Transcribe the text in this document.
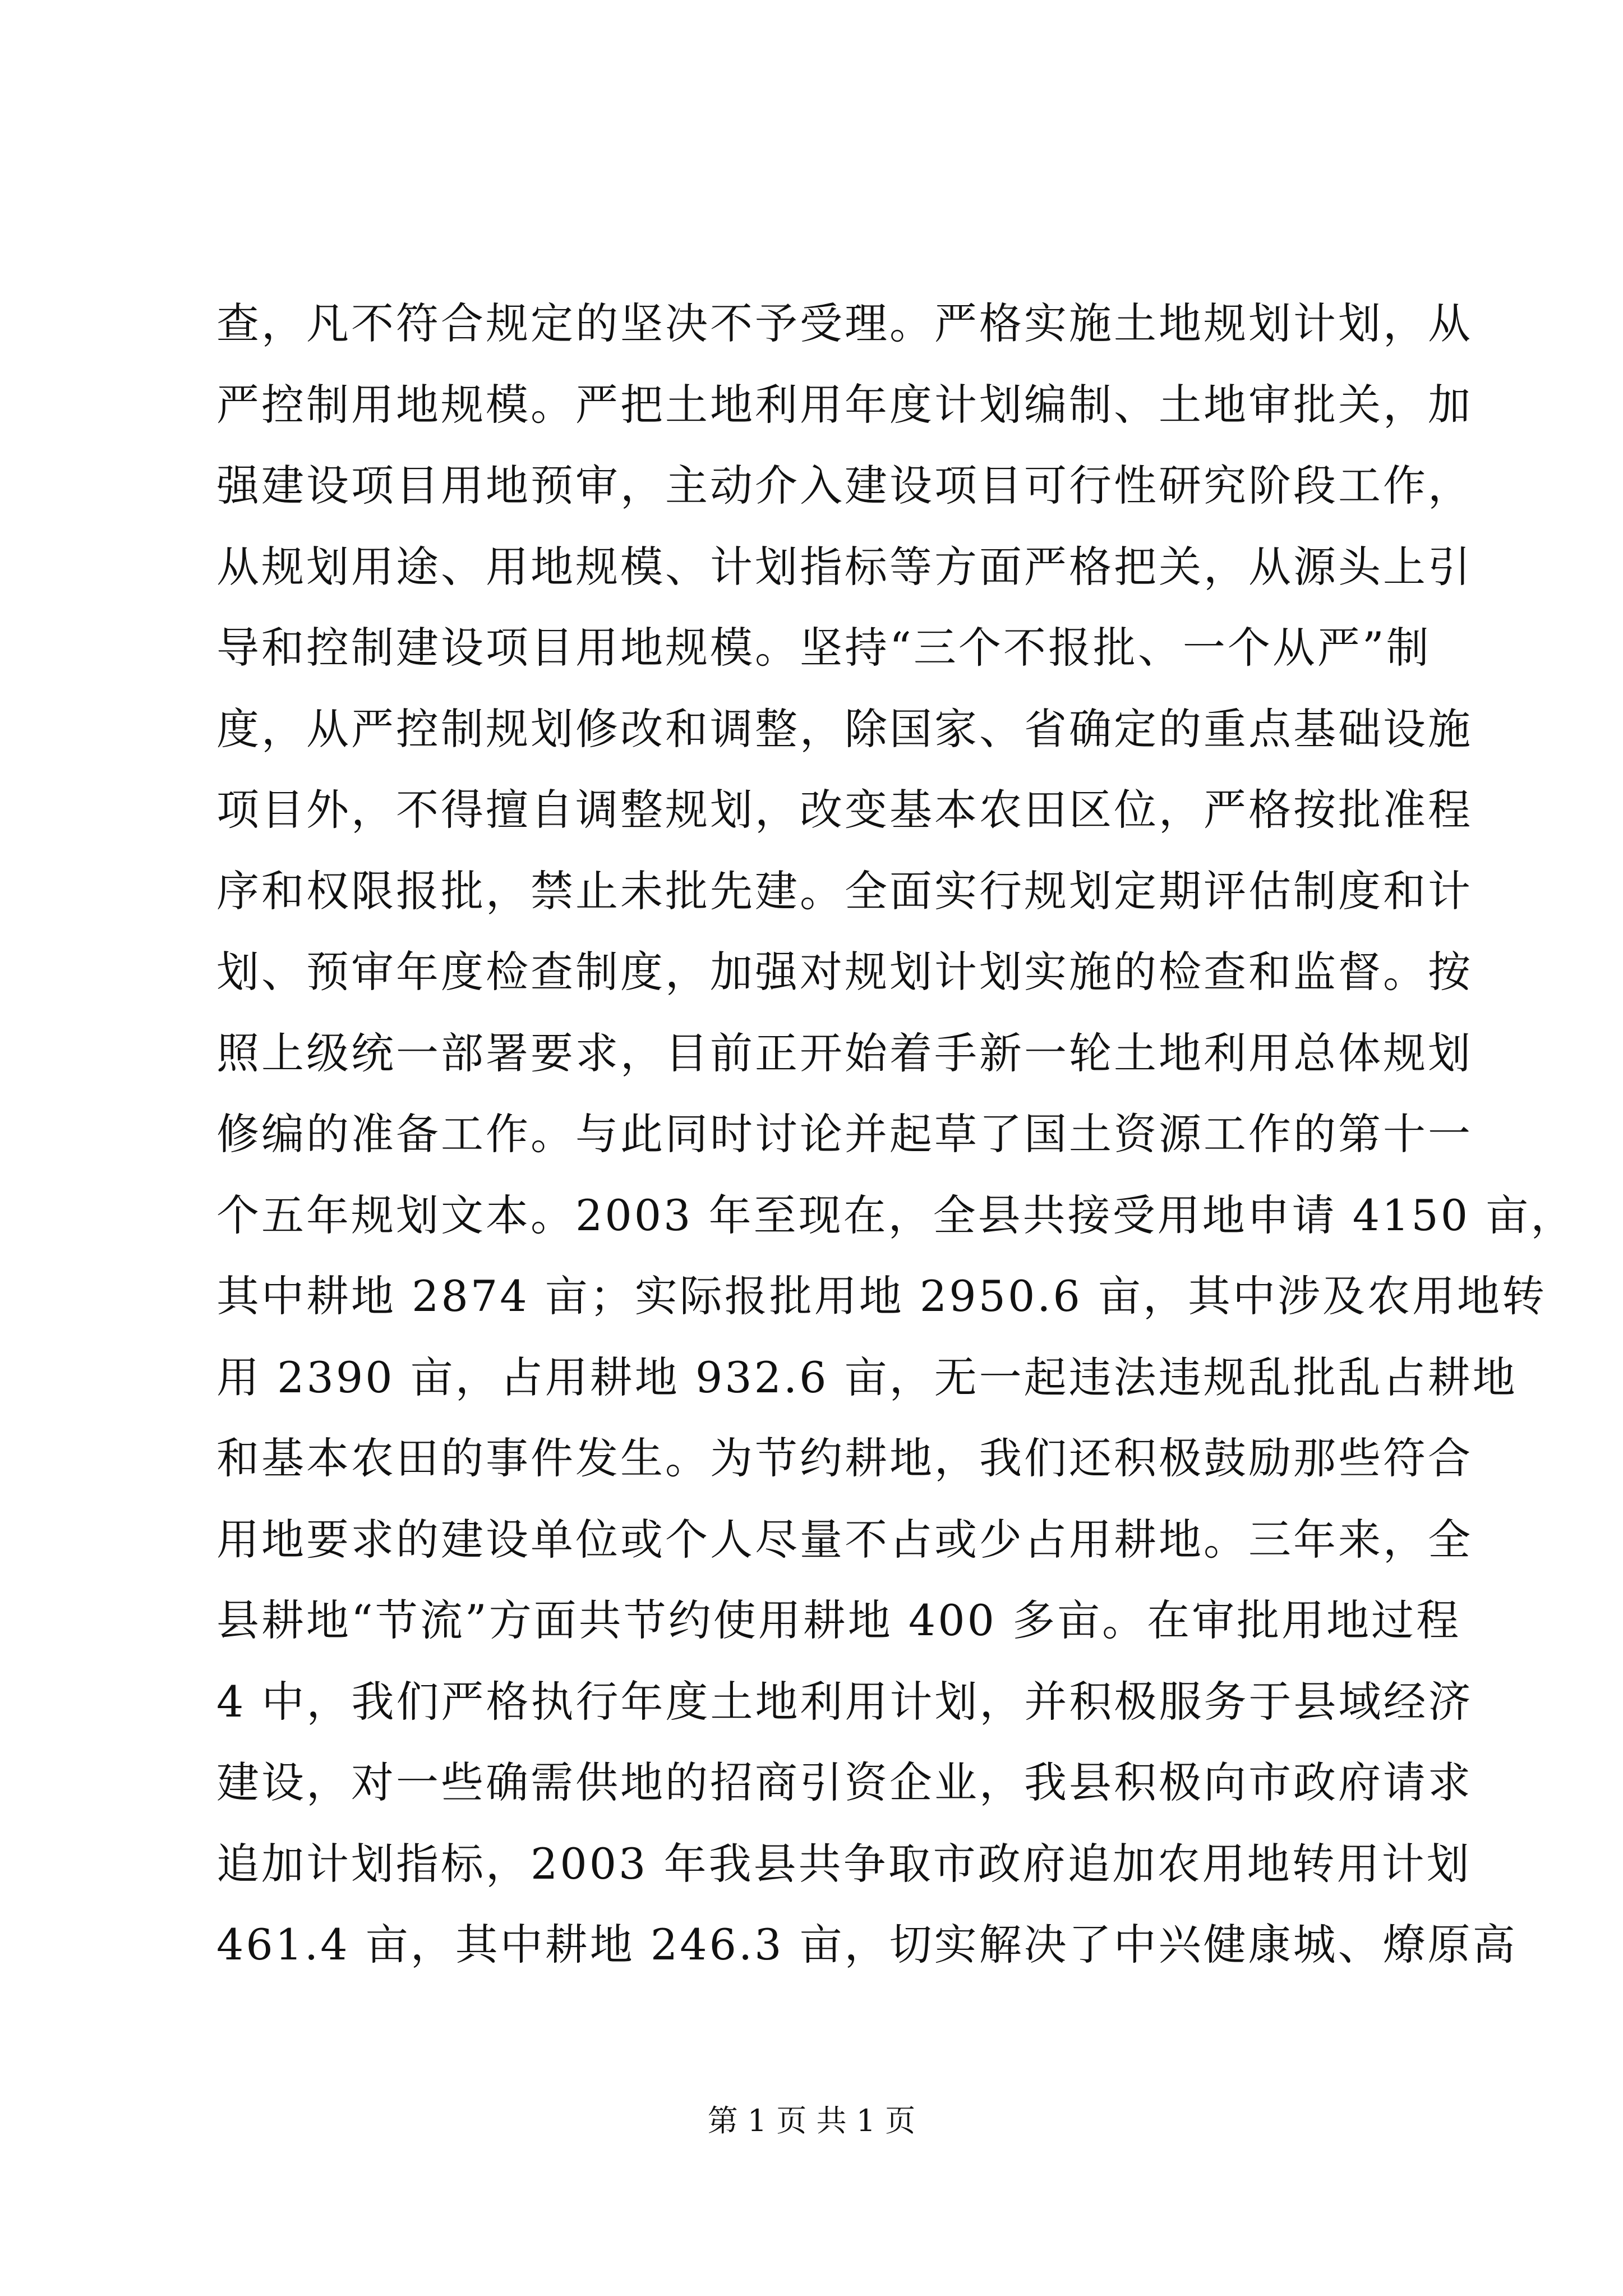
查，凡不符合规定的坚决不予受理。严格实施土地规划计划，从
严控制用地规模。严把土地利用年度计划编制、土地审批关，加
强建设项目用地预审，主动介入建设项目可行性研究阶段工作，
从规划用途、用地规模、计划指标等方面严格把关，从源头上引
导和控制建设项目用地规模。坚持“三个不报批、一个从严”制
度，从严控制规划修改和调整，除国家、省确定的重点基础设施
项目外，不得擅自调整规划，改变基本农田区位，严格按批准程
序和权限报批，禁止未批先建。全面实行规划定期评估制度和计
划、预审年度检查制度，加强对规划计划实施的检查和监督。按
照上级统一部署要求，目前正开始着手新一轮土地利用总体规划
修编的准备工作。与此同时讨论并起草了国土资源工作的第十一
个五年规划文本。2003 年至现在，全县共接受用地申请 4150 亩，
其中耕地 2874 亩；实际报批用地 2950.6 亩，其中涉及农用地转
用 2390 亩，占用耕地 932.6 亩，无一起违法违规乱批乱占耕地
和基本农田的事件发生。为节约耕地，我们还积极鼓励那些符合
用地要求的建设单位或个人尽量不占或少占用耕地。三年来，全
县耕地“节流”方面共节约使用耕地 400 多亩。在审批用地过程
4 中，我们严格执行年度土地利用计划，并积极服务于县域经济
建设，对一些确需供地的招商引资企业，我县积极向市政府请求
追加计划指标，2003 年我县共争取市政府追加农用地转用计划
461.4 亩，其中耕地 246.3 亩，切实解决了中兴健康城、燎原高
第 1 页 共 1 页
